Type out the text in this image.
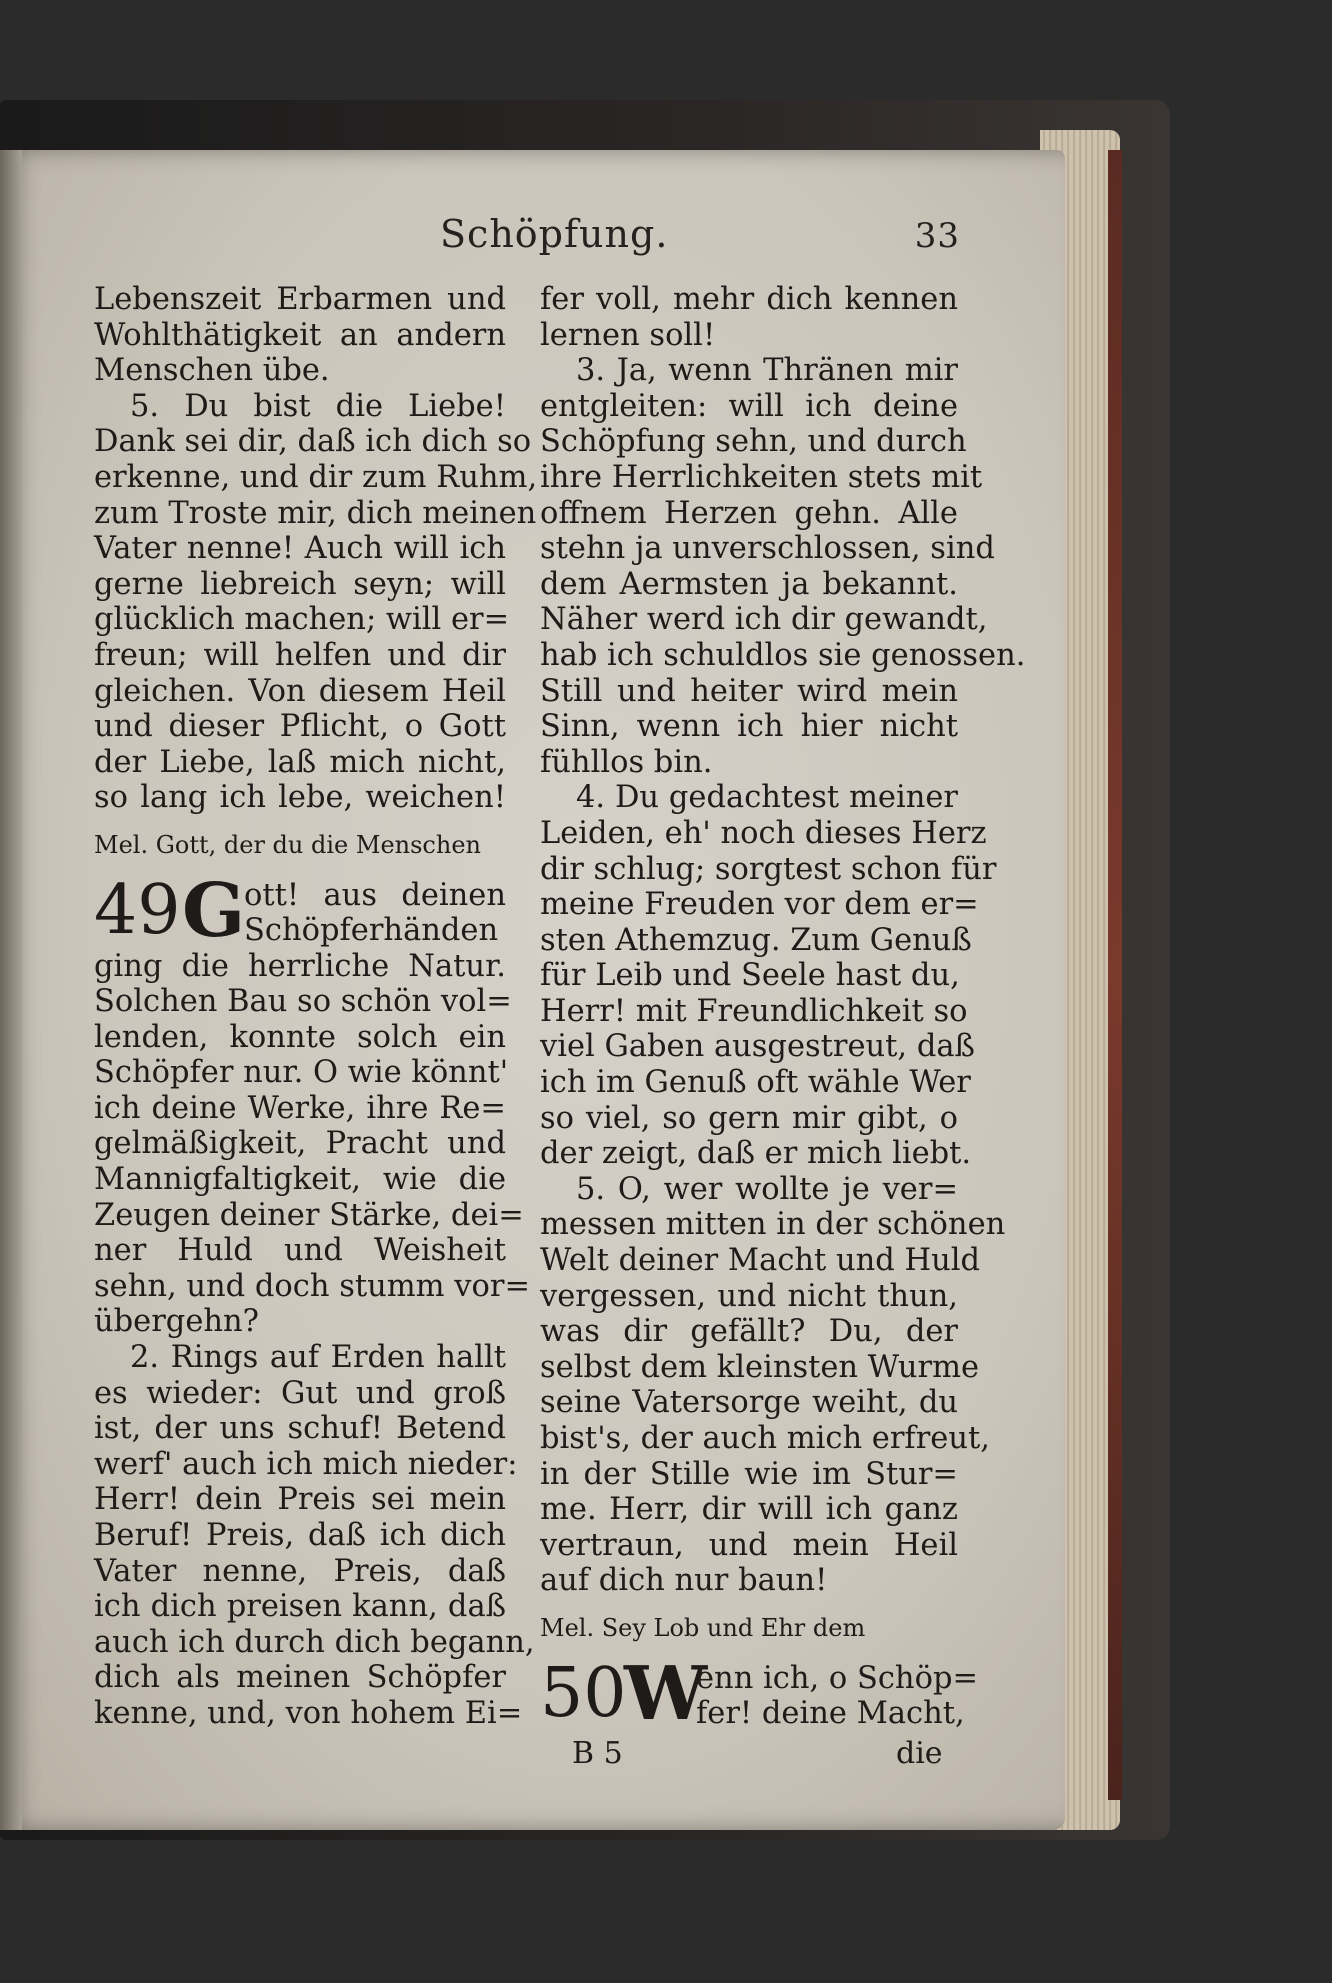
Schöpfung.	33
Lebenszeit Erbarmen und
Wohlthätigkeit an andern
Menschen übe.
5. Du bist die Liebe!
Dank sei dir, daß ich dich so
erkenne, und dir zum Ruhm,
zum Troste mir, dich meinen
Vater nenne! Auch will ich
gerne liebreich seyn; will
glücklich machen; will er=
freun; will helfen und dir
gleichen. Von diesem Heil
und dieser Pflicht, o Gott
der Liebe, laß mich nicht,
so lang ich lebe, weichen!
Mel. Gott, der du die Menschen
49 G
ott! aus deinen
Schöpferhänden
ging die herrliche Natur.
Solchen Bau so schön vol=
lenden, konnte solch ein
Schöpfer nur. O wie könnt'
ich deine Werke, ihre Re=
gelmäßigkeit, Pracht und
Mannigfaltigkeit, wie die
Zeugen deiner Stärke, dei=
ner Huld und Weisheit
sehn, und doch stumm vor=
übergehn?
2. Rings auf Erden hallt
es wieder: Gut und groß
ist, der uns schuf! Betend
werf' auch ich mich nieder:
Herr! dein Preis sei mein
Beruf! Preis, daß ich dich
Vater nenne, Preis, daß
ich dich preisen kann, daß
auch ich durch dich begann,
dich als meinen Schöpfer
kenne, und, von hohem Ei=
fer voll, mehr dich kennen
lernen soll!
3. Ja, wenn Thränen mir
entgleiten: will ich deine
Schöpfung sehn, und durch
ihre Herrlichkeiten stets mit
offnem Herzen gehn. Alle
stehn ja unverschlossen, sind
dem Aermsten ja bekannt.
Näher werd ich dir gewandt,
hab ich schuldlos sie genossen.
Still und heiter wird mein
Sinn, wenn ich hier nicht
fühllos bin.
4. Du gedachtest meiner
Leiden, eh' noch dieses Herz
dir schlug; sorgtest schon für
meine Freuden vor dem er=
sten Athemzug. Zum Genuß
für Leib und Seele hast du,
Herr! mit Freundlichkeit so
viel Gaben ausgestreut, daß
ich im Genuß oft wähle Wer
so viel, so gern mir gibt, o
der zeigt, daß er mich liebt.
5. O, wer wollte je ver=
messen mitten in der schönen
Welt deiner Macht und Huld
vergessen, und nicht thun,
was dir gefällt? Du, der
selbst dem kleinsten Wurme
seine Vatersorge weiht, du
bist's, der auch mich erfreut,
in der Stille wie im Stur=
me. Herr, dir will ich ganz
vertraun, und mein Heil
auf dich nur baun!
Mel. Sey Lob und Ehr dem
50
W
enn ich, o Schöp=
fer! deine Macht,
B 5	die
